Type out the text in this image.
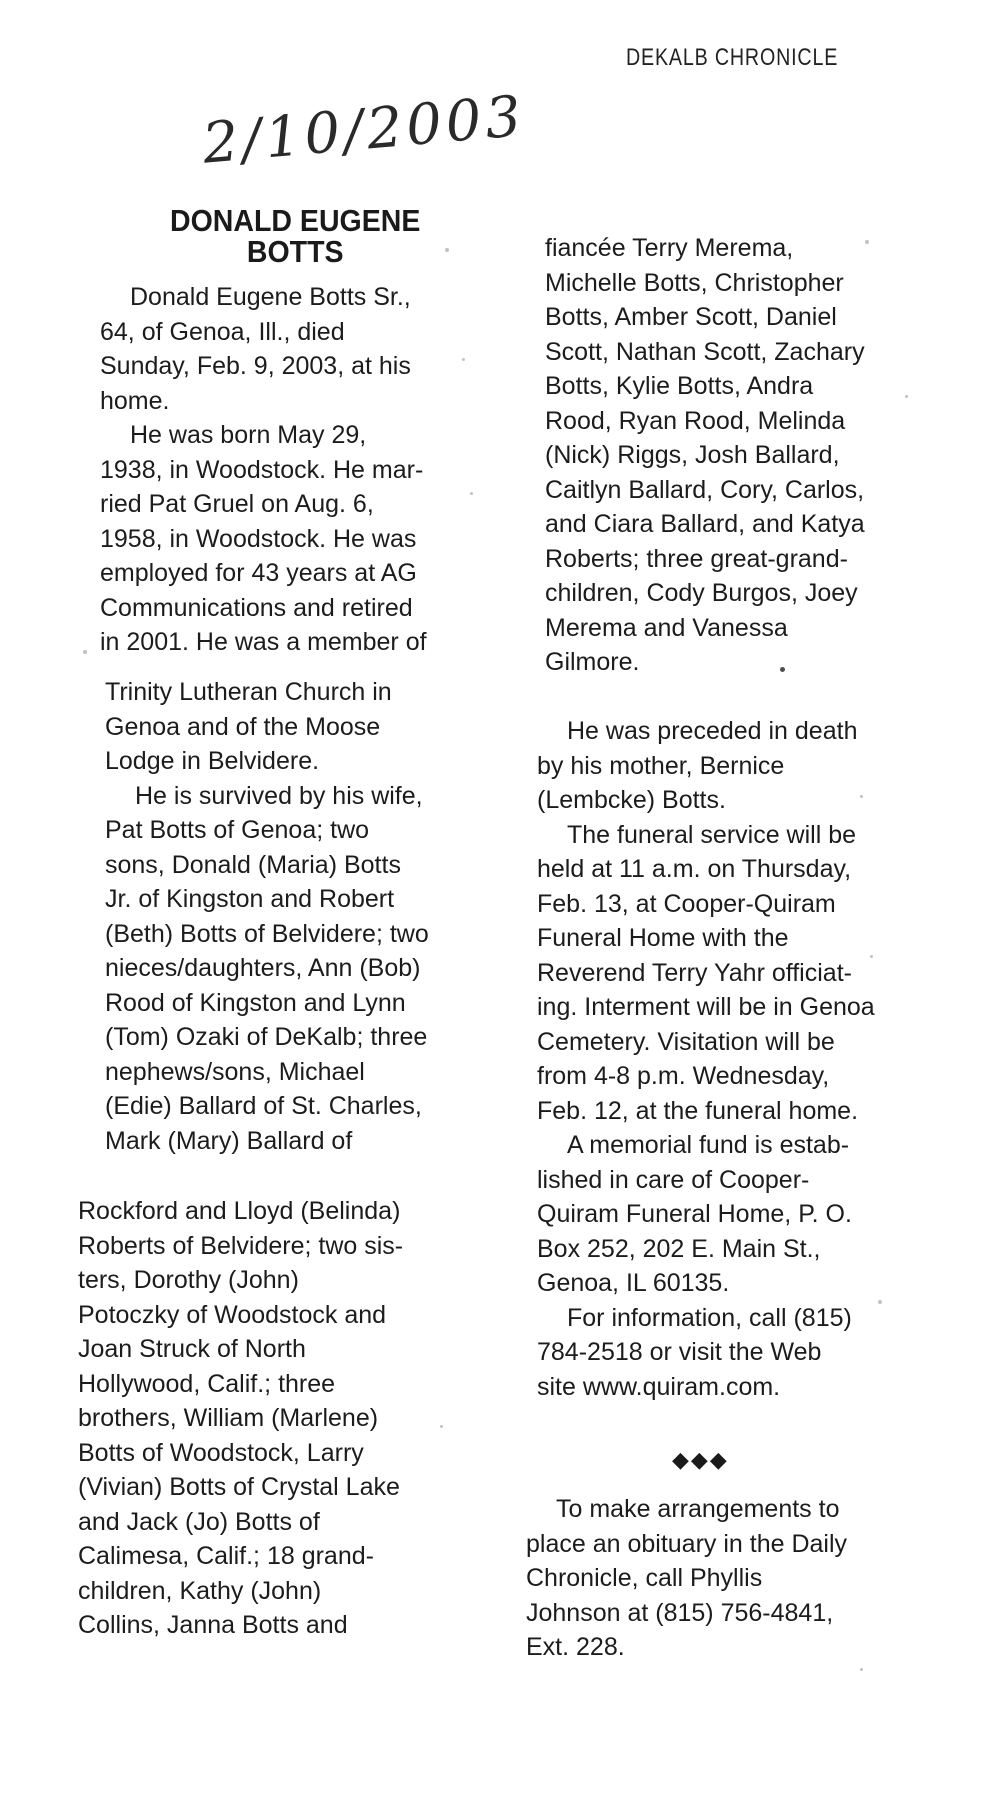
DEKALB CHRONICLE
2/10/2003
DONALD EUGENE
BOTTS
Donald Eugene Botts Sr.,
64, of Genoa, Ill., died
Sunday, Feb. 9, 2003, at his
home.
He was born May 29,
1938, in Woodstock. He mar-
ried Pat Gruel on Aug. 6,
1958, in Woodstock. He was
employed for 43 years at AG
Communications and retired
in 2001. He was a member of
Trinity Lutheran Church in
Genoa and of the Moose
Lodge in Belvidere.
He is survived by his wife,
Pat Botts of Genoa; two
sons, Donald (Maria) Botts
Jr. of Kingston and Robert
(Beth) Botts of Belvidere; two
nieces/daughters, Ann (Bob)
Rood of Kingston and Lynn
(Tom) Ozaki of DeKalb; three
nephews/sons, Michael
(Edie) Ballard of St. Charles,
Mark (Mary) Ballard of
Rockford and Lloyd (Belinda)
Roberts of Belvidere; two sis-
ters, Dorothy (John)
Potoczky of Woodstock and
Joan Struck of North
Hollywood, Calif.; three
brothers, William (Marlene)
Botts of Woodstock, Larry
(Vivian) Botts of Crystal Lake
and Jack (Jo) Botts of
Calimesa, Calif.; 18 grand-
children, Kathy (John)
Collins, Janna Botts and
fiancée Terry Merema,
Michelle Botts, Christopher
Botts, Amber Scott, Daniel
Scott, Nathan Scott, Zachary
Botts, Kylie Botts, Andra
Rood, Ryan Rood, Melinda
(Nick) Riggs, Josh Ballard,
Caitlyn Ballard, Cory, Carlos,
and Ciara Ballard, and Katya
Roberts; three great-grand-
children, Cody Burgos, Joey
Merema and Vanessa
Gilmore.
He was preceded in death
by his mother, Bernice
(Lembcke) Botts.
The funeral service will be
held at 11 a.m. on Thursday,
Feb. 13, at Cooper-Quiram
Funeral Home with the
Reverend Terry Yahr officiat-
ing. Interment will be in Genoa
Cemetery. Visitation will be
from 4-8 p.m. Wednesday,
Feb. 12, at the funeral home.
A memorial fund is estab-
lished in care of Cooper-
Quiram Funeral Home, P. O.
Box 252, 202 E. Main St.,
Genoa, IL 60135.
For information, call (815)
784-2518 or visit the Web
site www.quiram.com.
◆◆◆
To make arrangements to
place an obituary in the Daily
Chronicle, call Phyllis
Johnson at (815) 756-4841,
Ext. 228.
